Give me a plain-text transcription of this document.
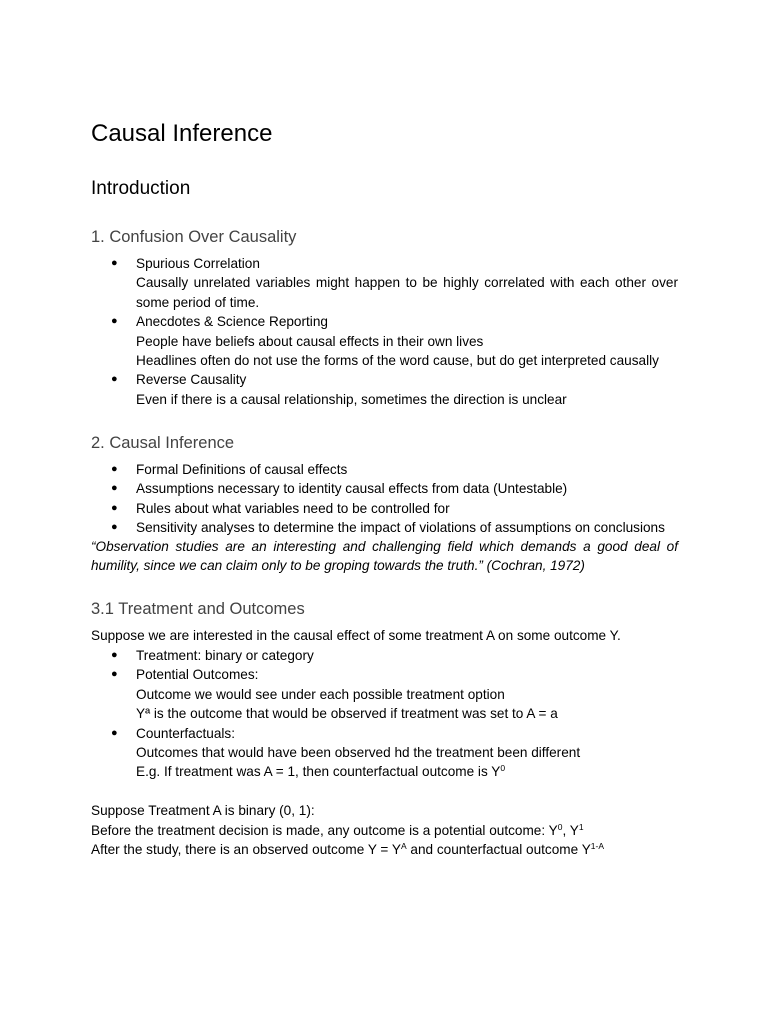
Causal Inference
Introduction
1. Confusion Over Causality
● Spurious Correlation
Causally unrelated variables might happen to be highly correlated with each other over some period of time.
● Anecdotes & Science Reporting
People have beliefs about causal effects in their own lives
Headlines often do not use the forms of the word cause, but do get interpreted causally
● Reverse Causality
Even if there is a causal relationship, sometimes the direction is unclear
2. Causal Inference
● Formal Definitions of causal effects
● Assumptions necessary to identity causal effects from data (Untestable)
● Rules about what variables need to be controlled for
● Sensitivity analyses to determine the impact of violations of assumptions on conclusions
“Observation studies are an interesting and challenging field which demands a good deal of humility, since we can claim only to be groping towards the truth.” (Cochran, 1972)
3.1 Treatment and Outcomes
Suppose we are interested in the causal effect of some treatment A on some outcome Y.
● Treatment: binary or category
● Potential Outcomes:
Outcome we would see under each possible treatment option
Yª is the outcome that would be observed if treatment was set to A = a
● Counterfactuals:
Outcomes that would have been observed hd the treatment been different
E.g. If treatment was A = 1, then counterfactual outcome is $Y^0$
Suppose Treatment A is binary (0, 1):
Before the treatment decision is made, any outcome is a potential outcome: $Y^0$, $Y^1$
After the study, there is an observed outcome $Y = Y^A$ and counterfactual outcome $Y^{1-A}$
